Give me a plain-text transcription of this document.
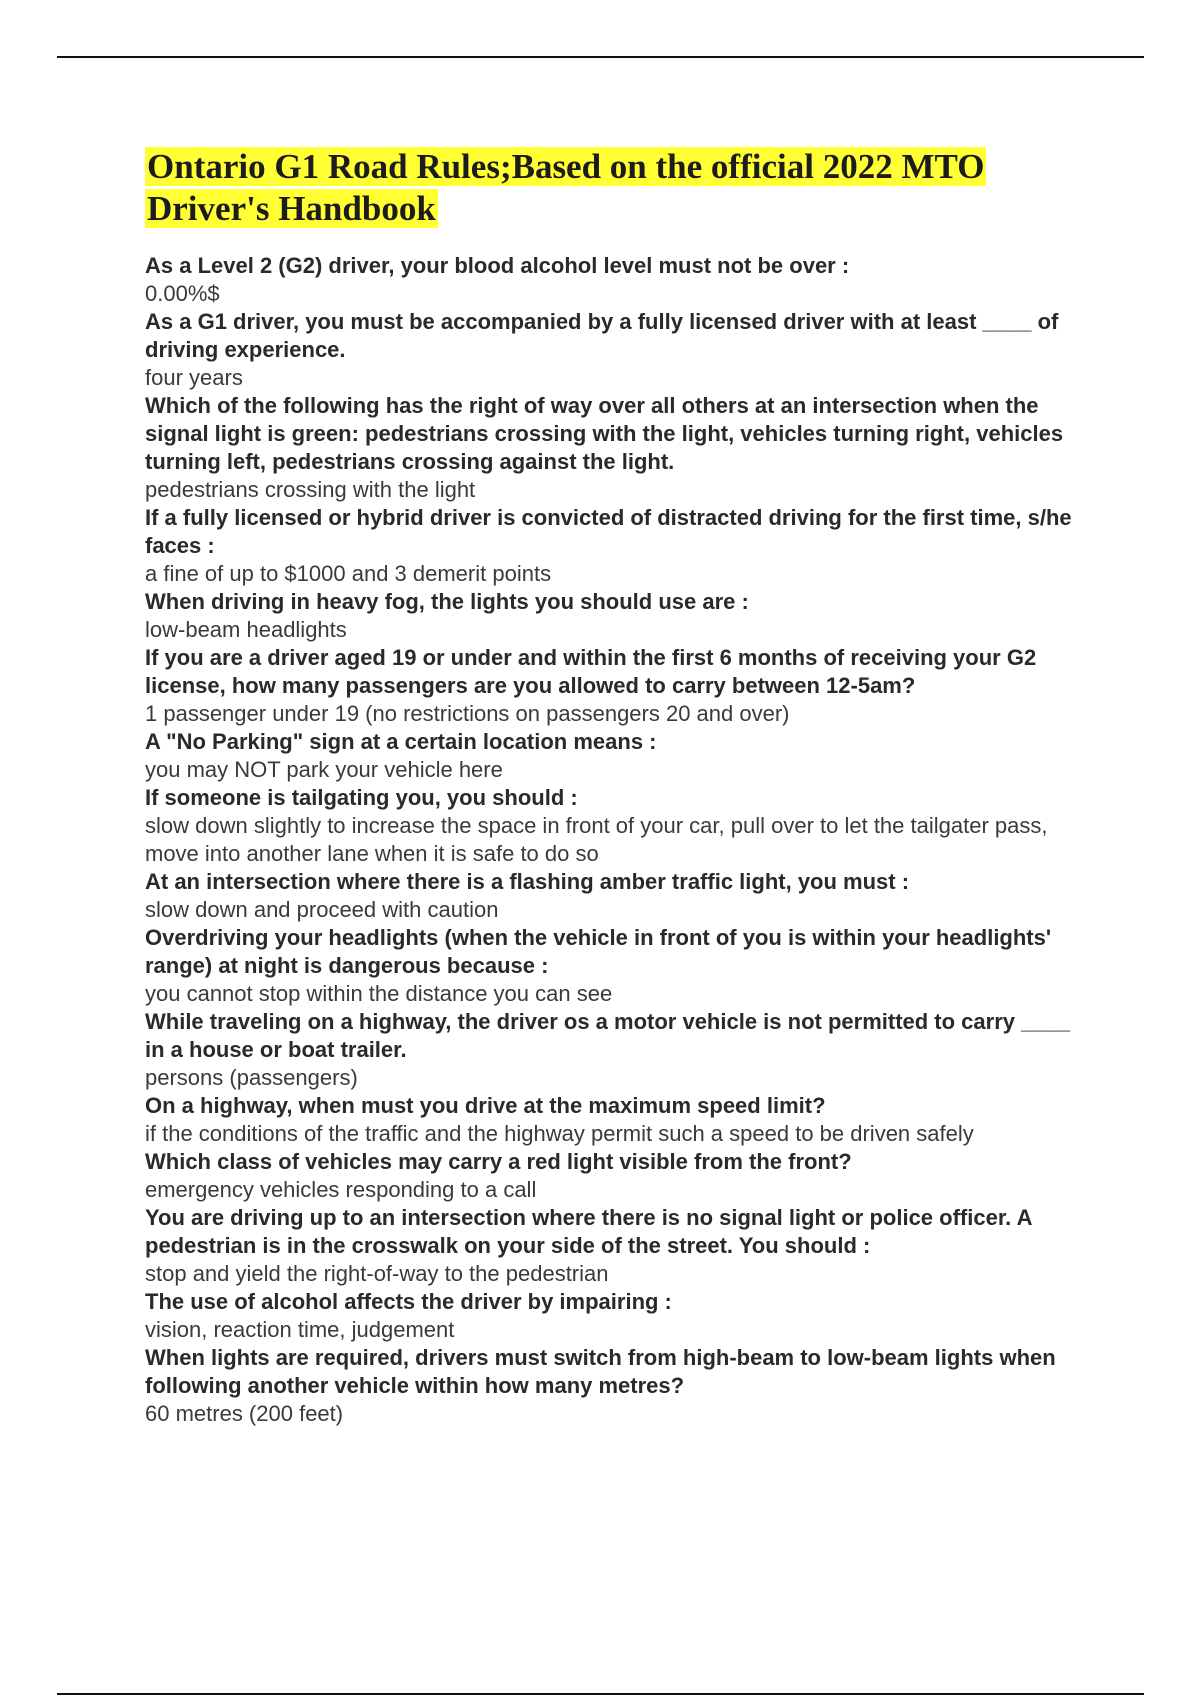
Ontario G1 Road Rules;Based on the official 2022 MTO Driver's Handbook

As a Level 2 (G2) driver, your blood alcohol level must not be over :

0.00%$

As a G1 driver, you must be accompanied by a fully licensed driver with at least ____ of driving experience.

four years

Which of the following has the right of way over all others at an intersection when the signal light is green: pedestrians crossing with the light, vehicles turning right, vehicles turning left, pedestrians crossing against the light.

pedestrians crossing with the light

If a fully licensed or hybrid driver is convicted of distracted driving for the first time, s/he faces :

a fine of up to $1000 and 3 demerit points

When driving in heavy fog, the lights you should use are :

low-beam headlights

If you are a driver aged 19 or under and within the first 6 months of receiving your G2 license, how many passengers are you allowed to carry between 12-5am?

1 passenger under 19 (no restrictions on passengers 20 and over)

A "No Parking" sign at a certain location means :

you may NOT park your vehicle here

If someone is tailgating you, you should :

slow down slightly to increase the space in front of your car, pull over to let the tailgater pass, move into another lane when it is safe to do so

At an intersection where there is a flashing amber traffic light, you must :

slow down and proceed with caution

Overdriving your headlights (when the vehicle in front of you is within your headlights' range) at night is dangerous because :

you cannot stop within the distance you can see

While traveling on a highway, the driver os a motor vehicle is not permitted to carry ____ in a house or boat trailer.

persons (passengers)

On a highway, when must you drive at the maximum speed limit?

if the conditions of the traffic and the highway permit such a speed to be driven safely

Which class of vehicles may carry a red light visible from the front?

emergency vehicles responding to a call

You are driving up to an intersection where there is no signal light or police officer. A pedestrian is in the crosswalk on your side of the street. You should :

stop and yield the right-of-way to the pedestrian

The use of alcohol affects the driver by impairing :

vision, reaction time, judgement

When lights are required, drivers must switch from high-beam to low-beam lights when following another vehicle within how many metres?

60 metres (200 feet)
